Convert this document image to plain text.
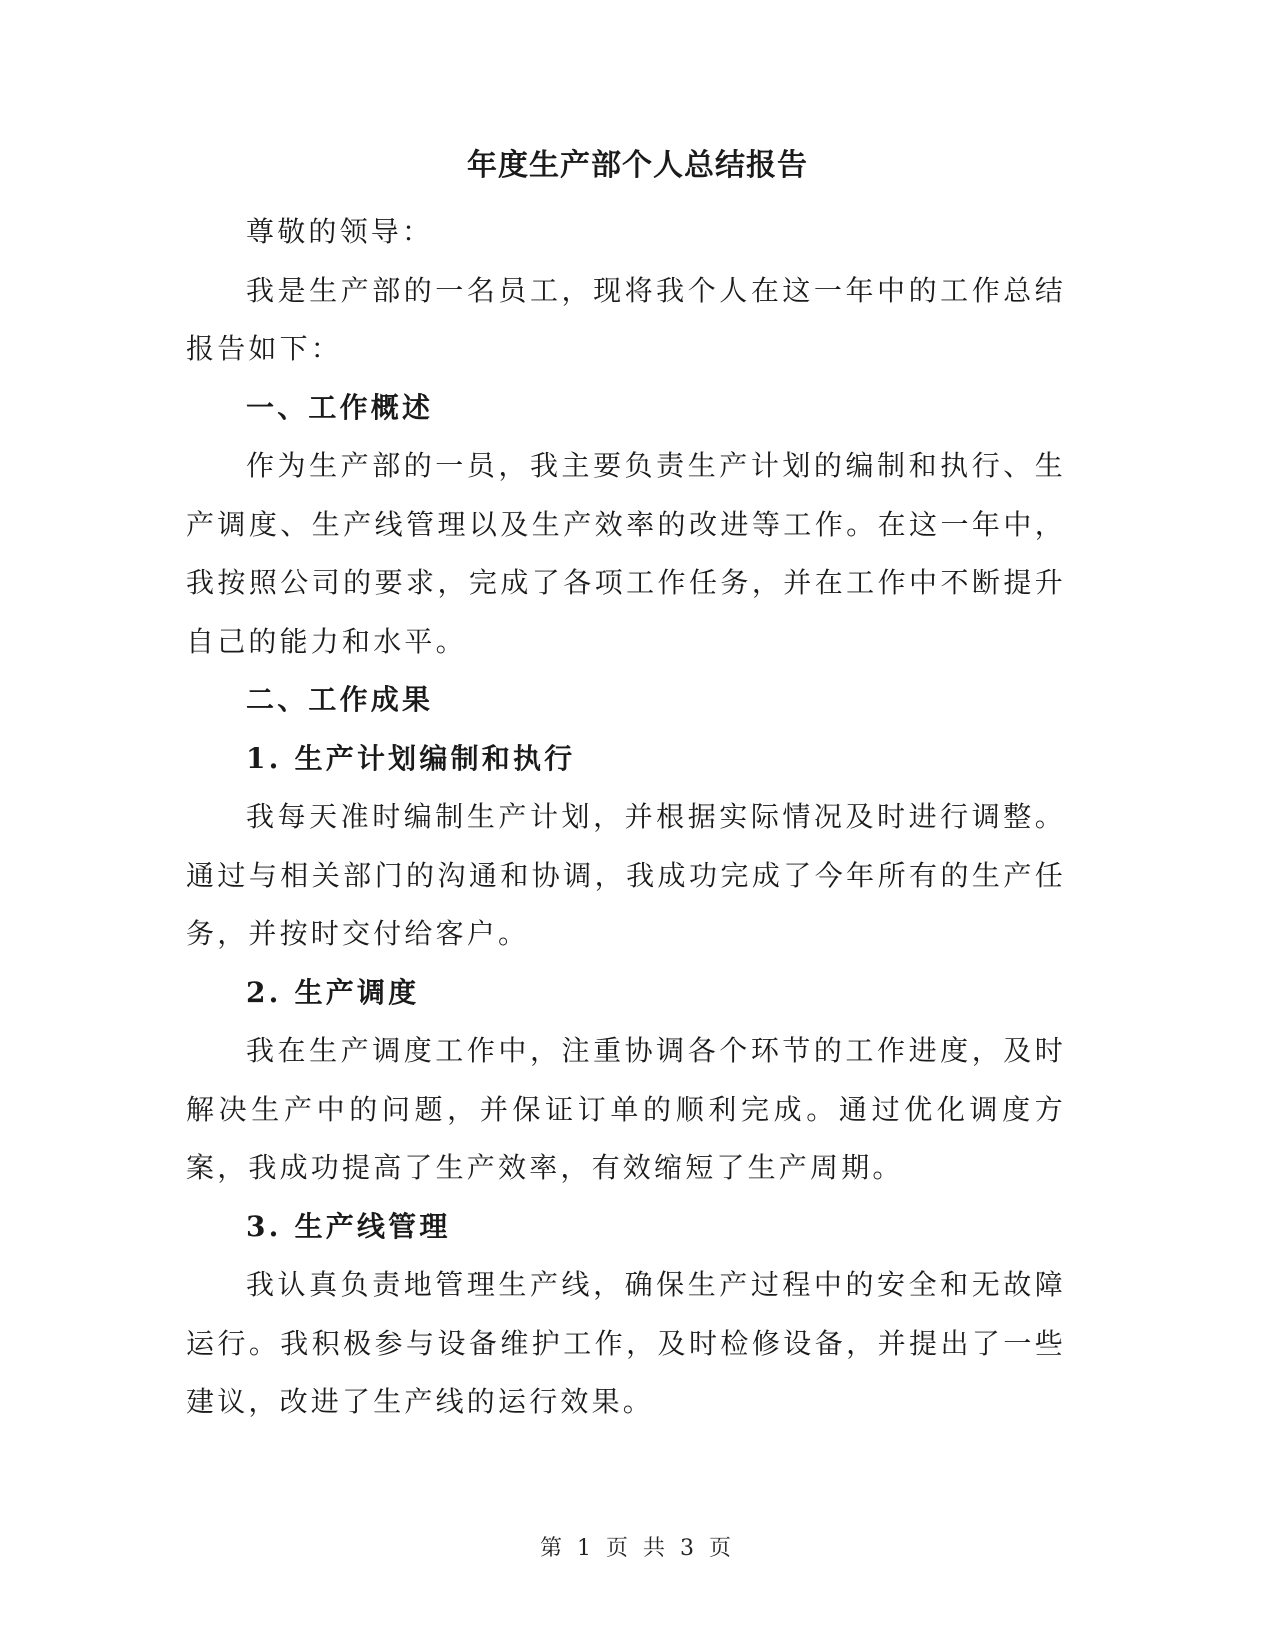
年度生产部个人总结报告

尊敬的领导：

我是生产部的一名员工，现将我个人在这一年中的工作总结报告如下：

一、工作概述

作为生产部的一员，我主要负责生产计划的编制和执行、生产调度、生产线管理以及生产效率的改进等工作。在这一年中，我按照公司的要求，完成了各项工作任务，并在工作中不断提升自己的能力和水平。

二、工作成果

1. 生产计划编制和执行

我每天准时编制生产计划，并根据实际情况及时进行调整。通过与相关部门的沟通和协调，我成功完成了今年所有的生产任务，并按时交付给客户。

2. 生产调度

我在生产调度工作中，注重协调各个环节的工作进度，及时解决生产中的问题，并保证订单的顺利完成。通过优化调度方案，我成功提高了生产效率，有效缩短了生产周期。

3. 生产线管理

我认真负责地管理生产线，确保生产过程中的安全和无故障运行。我积极参与设备维护工作，及时检修设备，并提出了一些建议，改进了生产线的运行效果。

第 1 页 共 3 页
